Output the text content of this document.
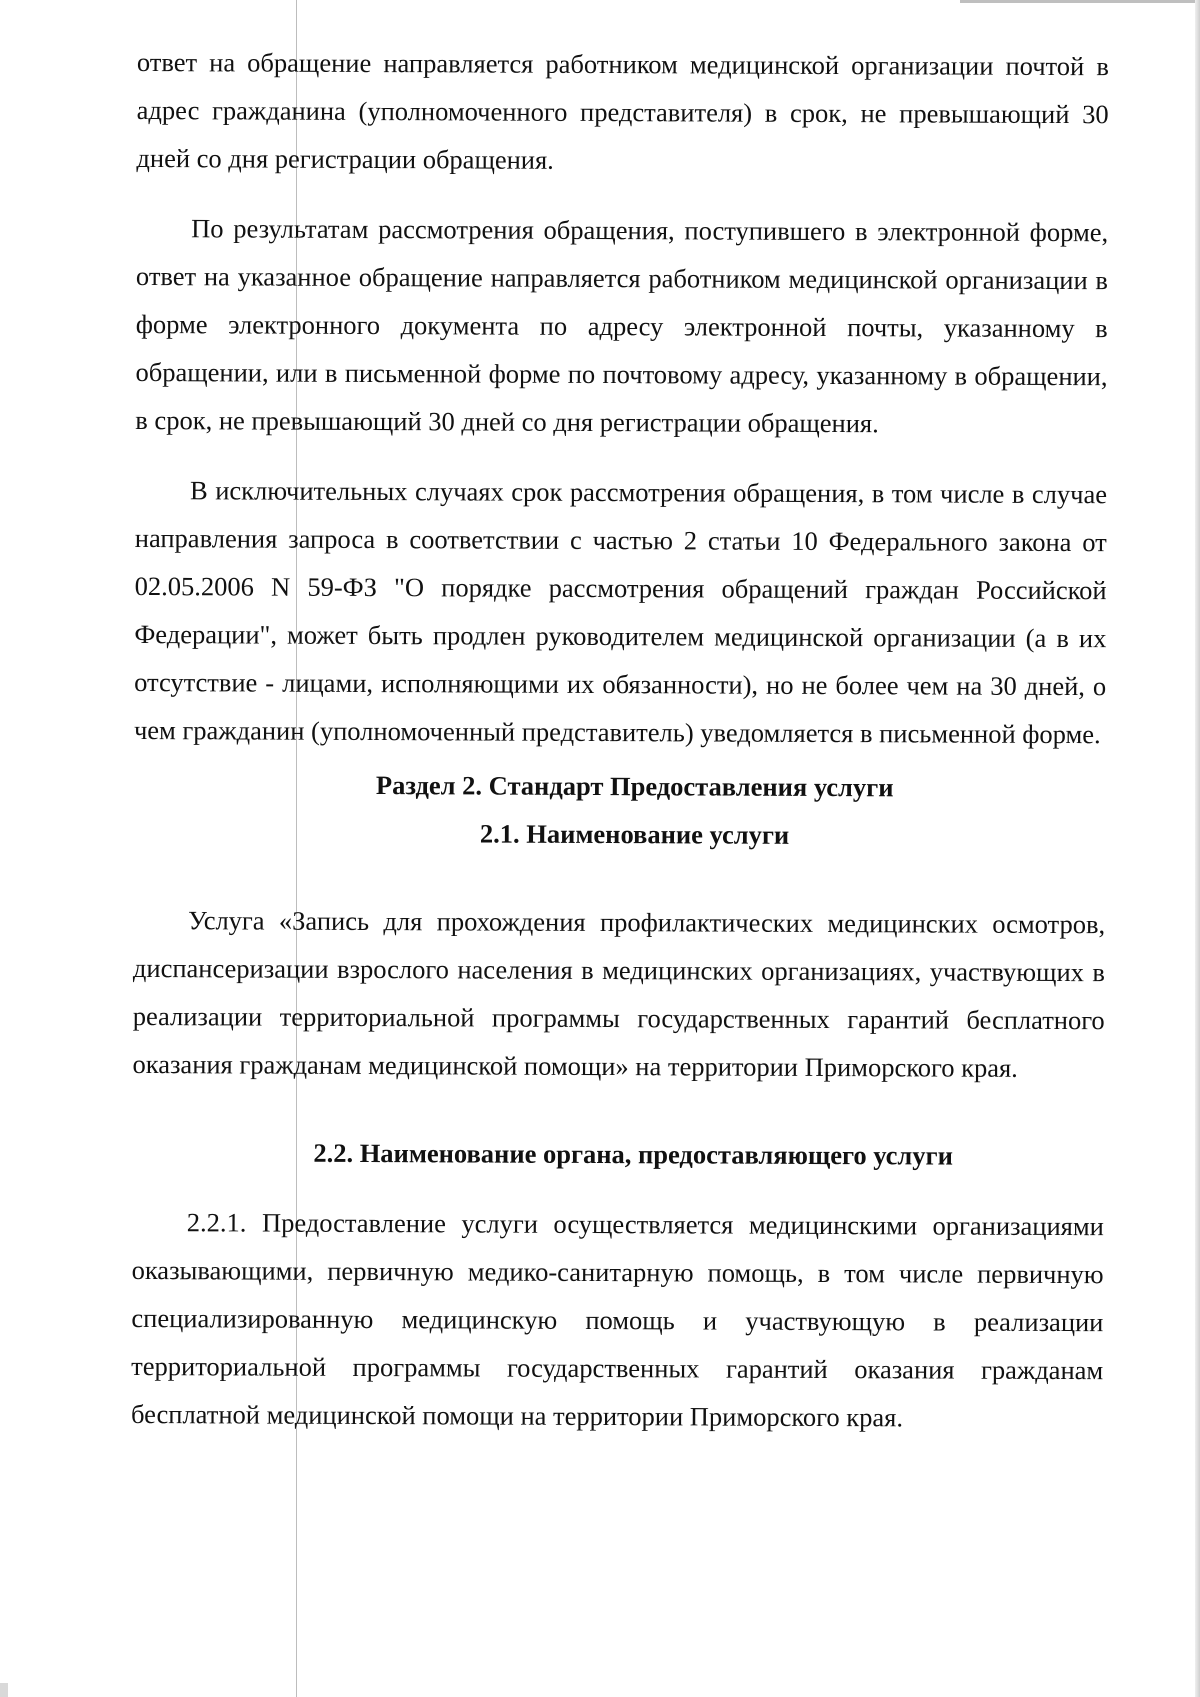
ответ на обращение направляется работником медицинской организации почтой в адрес гражданина (уполномоченного представителя) в срок, не превышающий 30 дней со дня регистрации обращения.

По результатам рассмотрения обращения, поступившего в электронной форме, ответ на указанное обращение направляется работником медицинской организации в форме электронного документа по адресу электронной почты, указанному в обращении, или в письменной форме по почтовому адресу, указанному в обращении, в срок, не превышающий 30 дней со дня регистрации обращения.

В исключительных случаях срок рассмотрения обращения, в том числе в случае направления запроса в соответствии с частью 2 статьи 10 Федерального закона от 02.05.2006 N 59-ФЗ "О порядке рассмотрения обращений граждан Российской Федерации", может быть продлен руководителем медицинской организации (а в их отсутствие - лицами, исполняющими их обязанности), но не более чем на 30 дней, о чем гражданин (уполномоченный представитель) уведомляется в письменной форме.

Раздел 2. Стандарт Предоставления услуги

2.1. Наименование услуги

Услуга «Запись для прохождения профилактических медицинских осмотров, диспансеризации взрослого населения в медицинских организациях, участвующих в реализации территориальной программы государственных гарантий бесплатного оказания гражданам медицинской помощи» на территории Приморского края.

2.2. Наименование органа, предоставляющего услуги

2.2.1. Предоставление услуги осуществляется медицинскими организациями оказывающими, первичную медико-санитарную помощь, в том числе первичную специализированную медицинскую помощь и участвующую в реализации территориальной программы государственных гарантий оказания гражданам бесплатной медицинской помощи на территории Приморского края.
